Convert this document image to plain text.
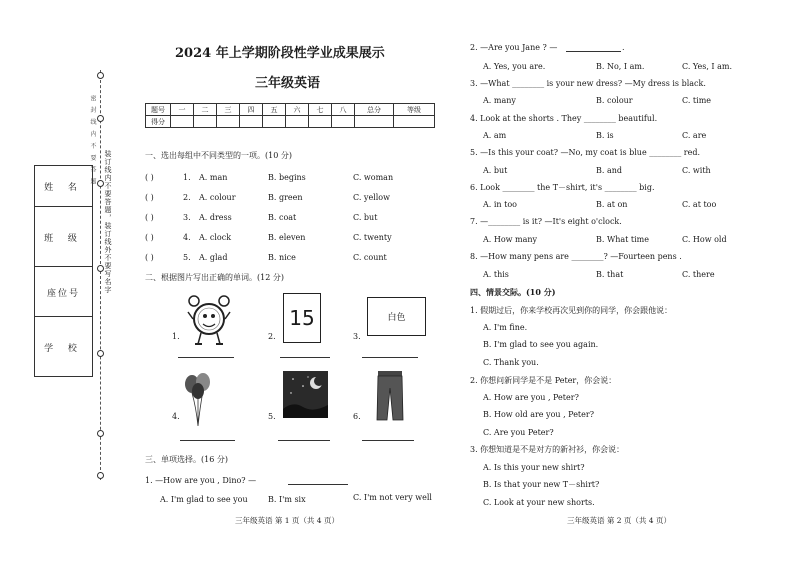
装订线内不要答题，装订线外不要写名字
密 封 线 内 不 要 答 题
姓 名
班 级
座位号
学 校
2024 年上学期阶段性学业成果展示
三年级英语
题号	一	二	三	四	五	六	七	八	总分	等级
得分										
一、选出每组中不同类型的一项。(10 分)
( )	1. A. man	B. begins	C. woman
( )	2. A. colour	B. green	C. yellow
( )	3. A. dress	B. coat	C. but
( )	4. A. clock	B. eleven	C. twenty
( )	5. A. glad	B. nice	C. count
二、根据图片写出正确的单词。(12 分)
1.	2.
15
3.
白色
4.	5.	6.
三、单项选择。(16 分)
1. —How are you , Dino? —
A. I'm glad to see you	B. I'm six	C. I'm not very well
三年级英语 第 1 页（共 4 页）
2. —Are you Jane ? —	.
A. Yes, you are.	B. No, I am.	C. Yes, I am.
3. —What ________ is your new dress? —My dress is black.
A. many	B. colour	C. time
4. Look at the shorts . They ________ beautiful.
A. am	B. is	C. are
5. —Is this your coat? —No, my coat is blue ________ red.
A. but	B. and	C. with
6. Look ________ the T－shirt, it's ________ big.
A. in too	B. at on	C. at too
7. —________ is it? —It's eight o'clock.
A. How many	B. What time	C. How old
8. —How many pens are ________? —Fourteen pens .
A. this	B. that	C. there
四、情景交际。(10 分)
1. 假期过后，你来学校再次见到你的同学，你会跟他说：
A. I'm fine.
B. I'm glad to see you again.
C. Thank you.
2. 你想问新同学是不是 Peter，你会说：
A. How are you , Peter?
B. How old are you , Peter?
C. Are you Peter?
3. 你想知道是不是对方的新衬衫，你会说：
A. Is this your new shirt?
B. Is that your new T－shirt?
C. Look at your new shorts.
三年级英语 第 2 页（共 4 页）
